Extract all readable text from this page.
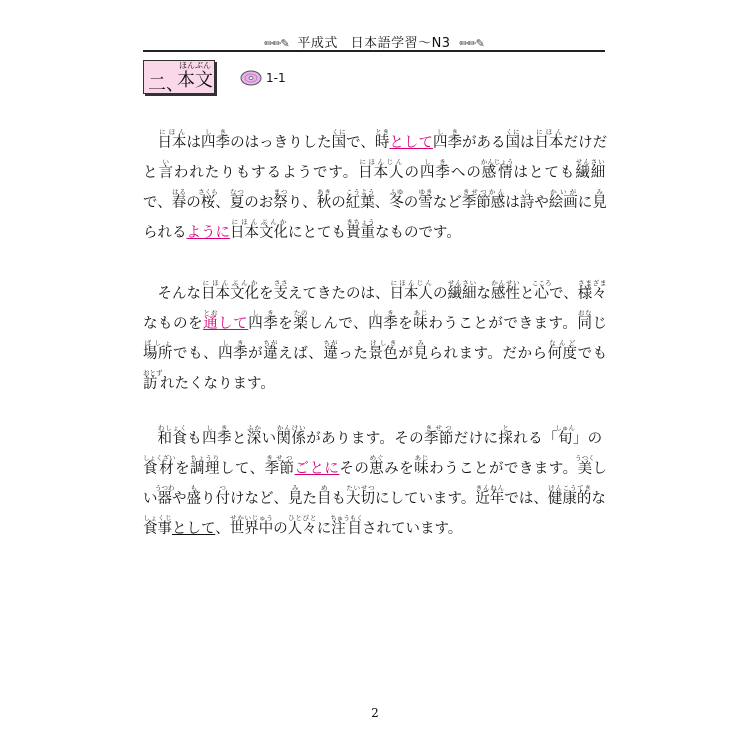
✏✏✎ 平成式 日本語学習〜N3 ✏✏✎
二、
ほんぶん
本文	1-1

日本にほんは四季しきのはっきりした国くにで、時ときとして四季しきがある国くには日本にほんだけだと言いわれたりもするようです。日本人にほんじんの四季しきへの感情かんじょうはとても繊細せんさいで、春はるの桜さくら、夏なつのお祭まつり、秋あきの紅葉こうよう、冬ふゆの雪ゆきなど季節感きせつかんは詩しや絵画かいがに見みられるように日本文化にほんぶんかにとても貴重きちょうなものです。

そんな日本文化にほんぶんかを支ささえてきたのは、日本人にほんじんの繊細せんさいな感性かんせいと心こころで、様々さまざまなものを通とおして四季しきを楽たのしんで、四季しきを味あじわうことができます。同おなじ場所ばしょでも、四季しきが違ちがえば、違ちがった景色けしきが見みられます。だから何度なんどでも訪おとずれたくなります。

和食わしょくも四季しきと深ふかい関係かんけいがあります。その季節きせつだけに採とれる「旬しゅん」の食材しょくざいを調理ちょうりして、季節きせつごとにその恵めぐみを味あじわうことができます。美うつくしい器うつわや盛もり付つけなど、見みた目めも大切たいせつにしています。近年きんねんでは、健康的けんこうてきな食事しょくじとして、世界中せかいじゅうの人々ひとびとに注目ちゅうもくされています。

2
